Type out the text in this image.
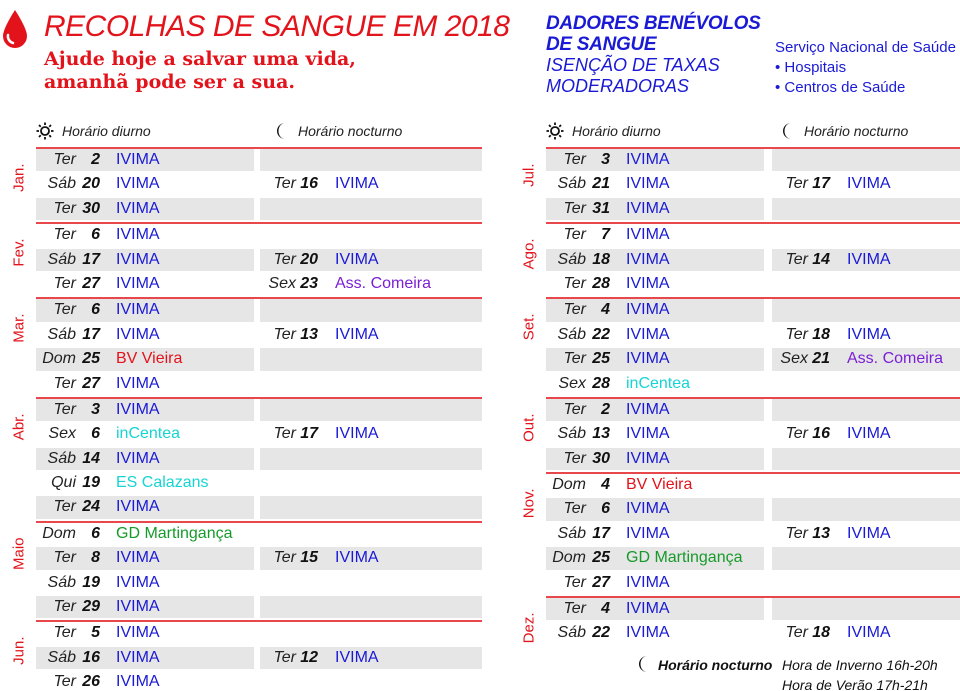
RECOLHAS DE SANGUE EM 2018
Ajude hoje a salvar uma vida,
amanhã pode ser a sua.
DADORES BENÉVOLOS
DE SANGUE
ISENÇÃO DE TAXAS
MODERADORAS
Serviço Nacional de Saúde
• Hospitais
• Centros de Saúde
Horário diurno	Horário nocturno	Horário diurno	Horário nocturno
Jan.
Ter 2 IVIMA
Sáb 20 IVIMA	Ter 16 IVIMA
Ter 30 IVIMA
Fev.
Ter 6 IVIMA
Sáb 17 IVIMA	Ter 20 IVIMA
Ter 27 IVIMA	Sex 23 Ass. Comeira
Mar.
Ter 6 IVIMA
Sáb 17 IVIMA	Ter 13 IVIMA
Dom 25 BV Vieira
Ter 27 IVIMA
Abr.
Ter 3 IVIMA
Sex 6 inCentea	Ter 17 IVIMA
Sáb 14 IVIMA
Qui 19 ES Calazans
Ter 24 IVIMA
Maio
Dom 6 GD Martingança
Ter 8 IVIMA	Ter 15 IVIMA
Sáb 19 IVIMA
Ter 29 IVIMA
Jun.
Ter 5 IVIMA
Sáb 16 IVIMA	Ter 12 IVIMA
Ter 26 IVIMA
Jul.
Ter 3 IVIMA
Sáb 21 IVIMA	Ter 17 IVIMA
Ter 31 IVIMA
Ago.
Ter 7 IVIMA
Sáb 18 IVIMA	Ter 14 IVIMA
Ter 28 IVIMA
Set.
Ter 4 IVIMA
Sáb 22 IVIMA	Ter 18 IVIMA
Ter 25 IVIMA	Sex 21 Ass. Comeira
Sex 28 inCentea
Out.
Ter 2 IVIMA
Sáb 13 IVIMA	Ter 16 IVIMA
Ter 30 IVIMA
Nov.
Dom 4 BV Vieira
Ter 6 IVIMA
Sáb 17 IVIMA	Ter 13 IVIMA
Dom 25 GD Martingança
Ter 27 IVIMA
Dez.
Ter 4 IVIMA
Sáb 22 IVIMA	Ter 18 IVIMA
Horário nocturno Hora de Inverno 16h-20h
Hora de Verão 17h-21h
